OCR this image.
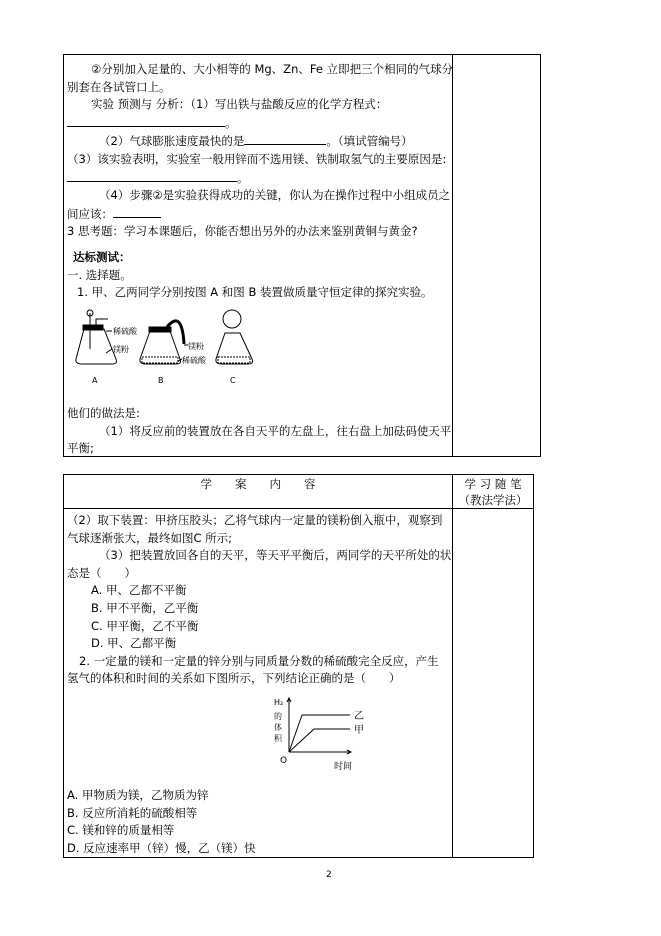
②分别加入足量的、大小相等的 Mg、Zn、Fe 立即把三个相同的气球分

别套在各试管口上。

实验 预测与 分析：（1）写出铁与盐酸反应的化学方程式：

。

（2）气球膨胀速度最快的是	。（填试管编号）

（3）该实验表明，实验室一般用锌而不选用镁、铁制取氢气的主要原因是:

。

（4）步骤②是实验获得成功的关键，你认为在操作过程中小组成员之

间应该：

3 思考题：学习本课题后，你能否想出另外的办法来鉴别黄铜与黄金?

达标测试：

一. 选择题。

1. 甲、乙两同学分别按图 A 和图 B 装置做质量守恒定律的探究实验。

稀硫酸
镁粉	镁粉
稀硫酸
A	B	C

他们的做法是:

（1）将反应前的装置放在各自天平的左盘上，往右盘上加砝码使天平

平衡;

学　　案　　内　　容	学 习 随 笔
（教法学法）

（2）取下装置：甲挤压胶头；乙将气球内一定量的镁粉倒入瓶中，观察到

气球逐渐张大，最终如图C 所示;

（3）把装置放回各自的天平，等天平平衡后，两同学的天平所处的状

态是（　　）

A. 甲、乙都不平衡

B. 甲不平衡，乙平衡

C. 甲平衡，乙不平衡

D. 甲、乙都平衡

2. 一定量的镁和一定量的锌分别与同质量分数的稀硫酸完全反应，产生

氢气的体积和时间的关系如下图所示，下列结论正确的是（　　）

H₂
的
体
积
O
时间
乙
甲

A. 甲物质为镁，乙物质为锌

B. 反应所消耗的硫酸相等

C. 镁和锌的质量相等

D. 反应速率甲（锌）慢，乙（镁）快

2
